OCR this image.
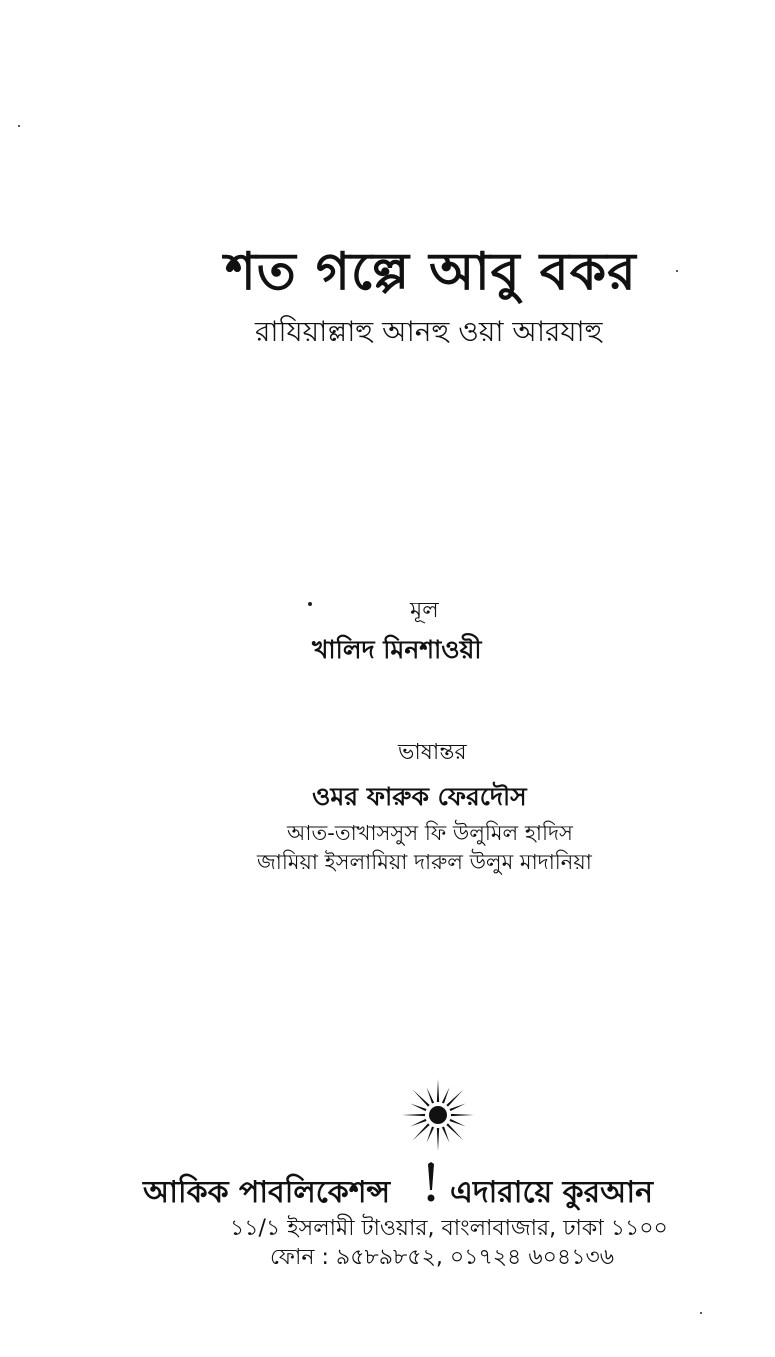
শত গল্পে আবু বকর
রাযিয়াল্লাহু আনহু ওয়া আরযাহু
মূল
খালিদ মিনশাওয়ী
ভাষান্তর
ওমর ফারুক ফেরদৌস
আত-তাখাসসুস ফি উলুমিল হাদিস
জামিয়া ইসলামিয়া দারুল উলুম মাদানিয়া
আকিক পাবলিকেশন্স এদারায়ে কুরআন
১১/১ ইসলামী টাওয়ার, বাংলাবাজার, ঢাকা ১১০০
ফোন : ৯৫৮৯৮৫২, ০১৭২৪ ৬০৪১৩৬
